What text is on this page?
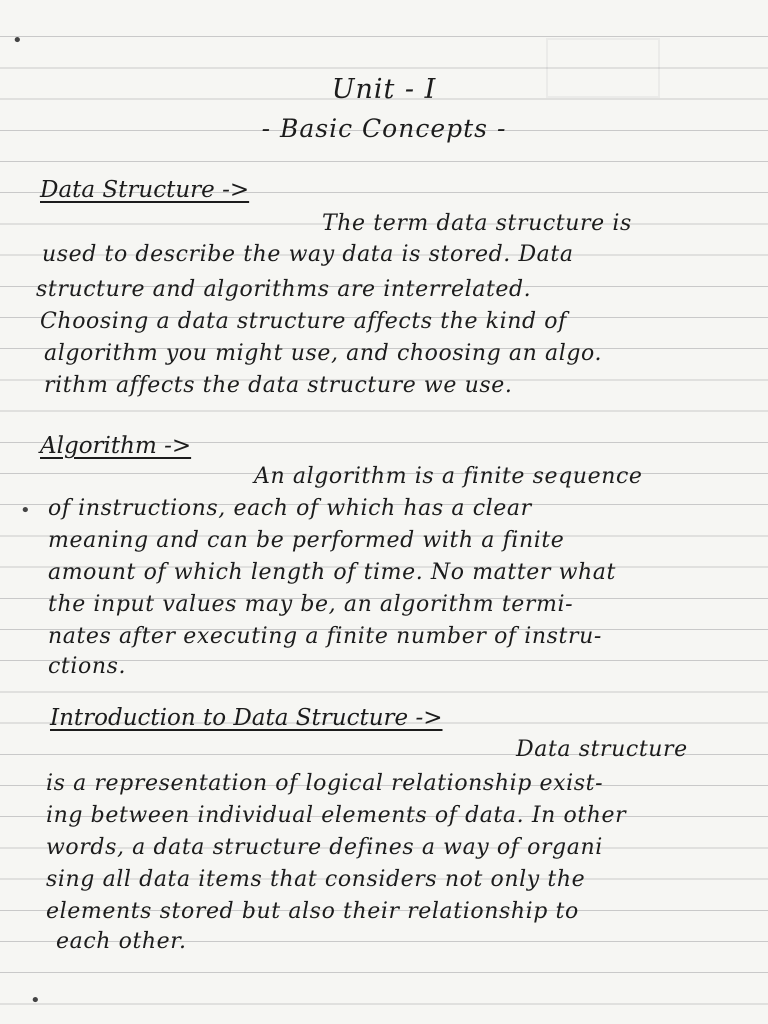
•
•
•
Unit - I
- Basic Concepts -
Data Structure ->
The term data structure is
used to describe the way data is stored. Data
structure and algorithms are interrelated.
Choosing a data structure affects the kind of
algorithm you might use, and choosing an algo.
rithm affects the data structure we use.
Algorithm ->
An algorithm is a finite sequence
of instructions, each of which has a clear
meaning and can be performed with a finite
amount of which length of time. No matter what
the input values may be, an algorithm termi-
nates after executing a finite number of instru-
ctions.
Introduction to Data Structure ->
Data structure
is a representation of logical relationship exist-
ing between individual elements of data. In other
words, a data structure defines a way of organi
sing all data items that considers not only the
elements stored but also their relationship to
each other.
